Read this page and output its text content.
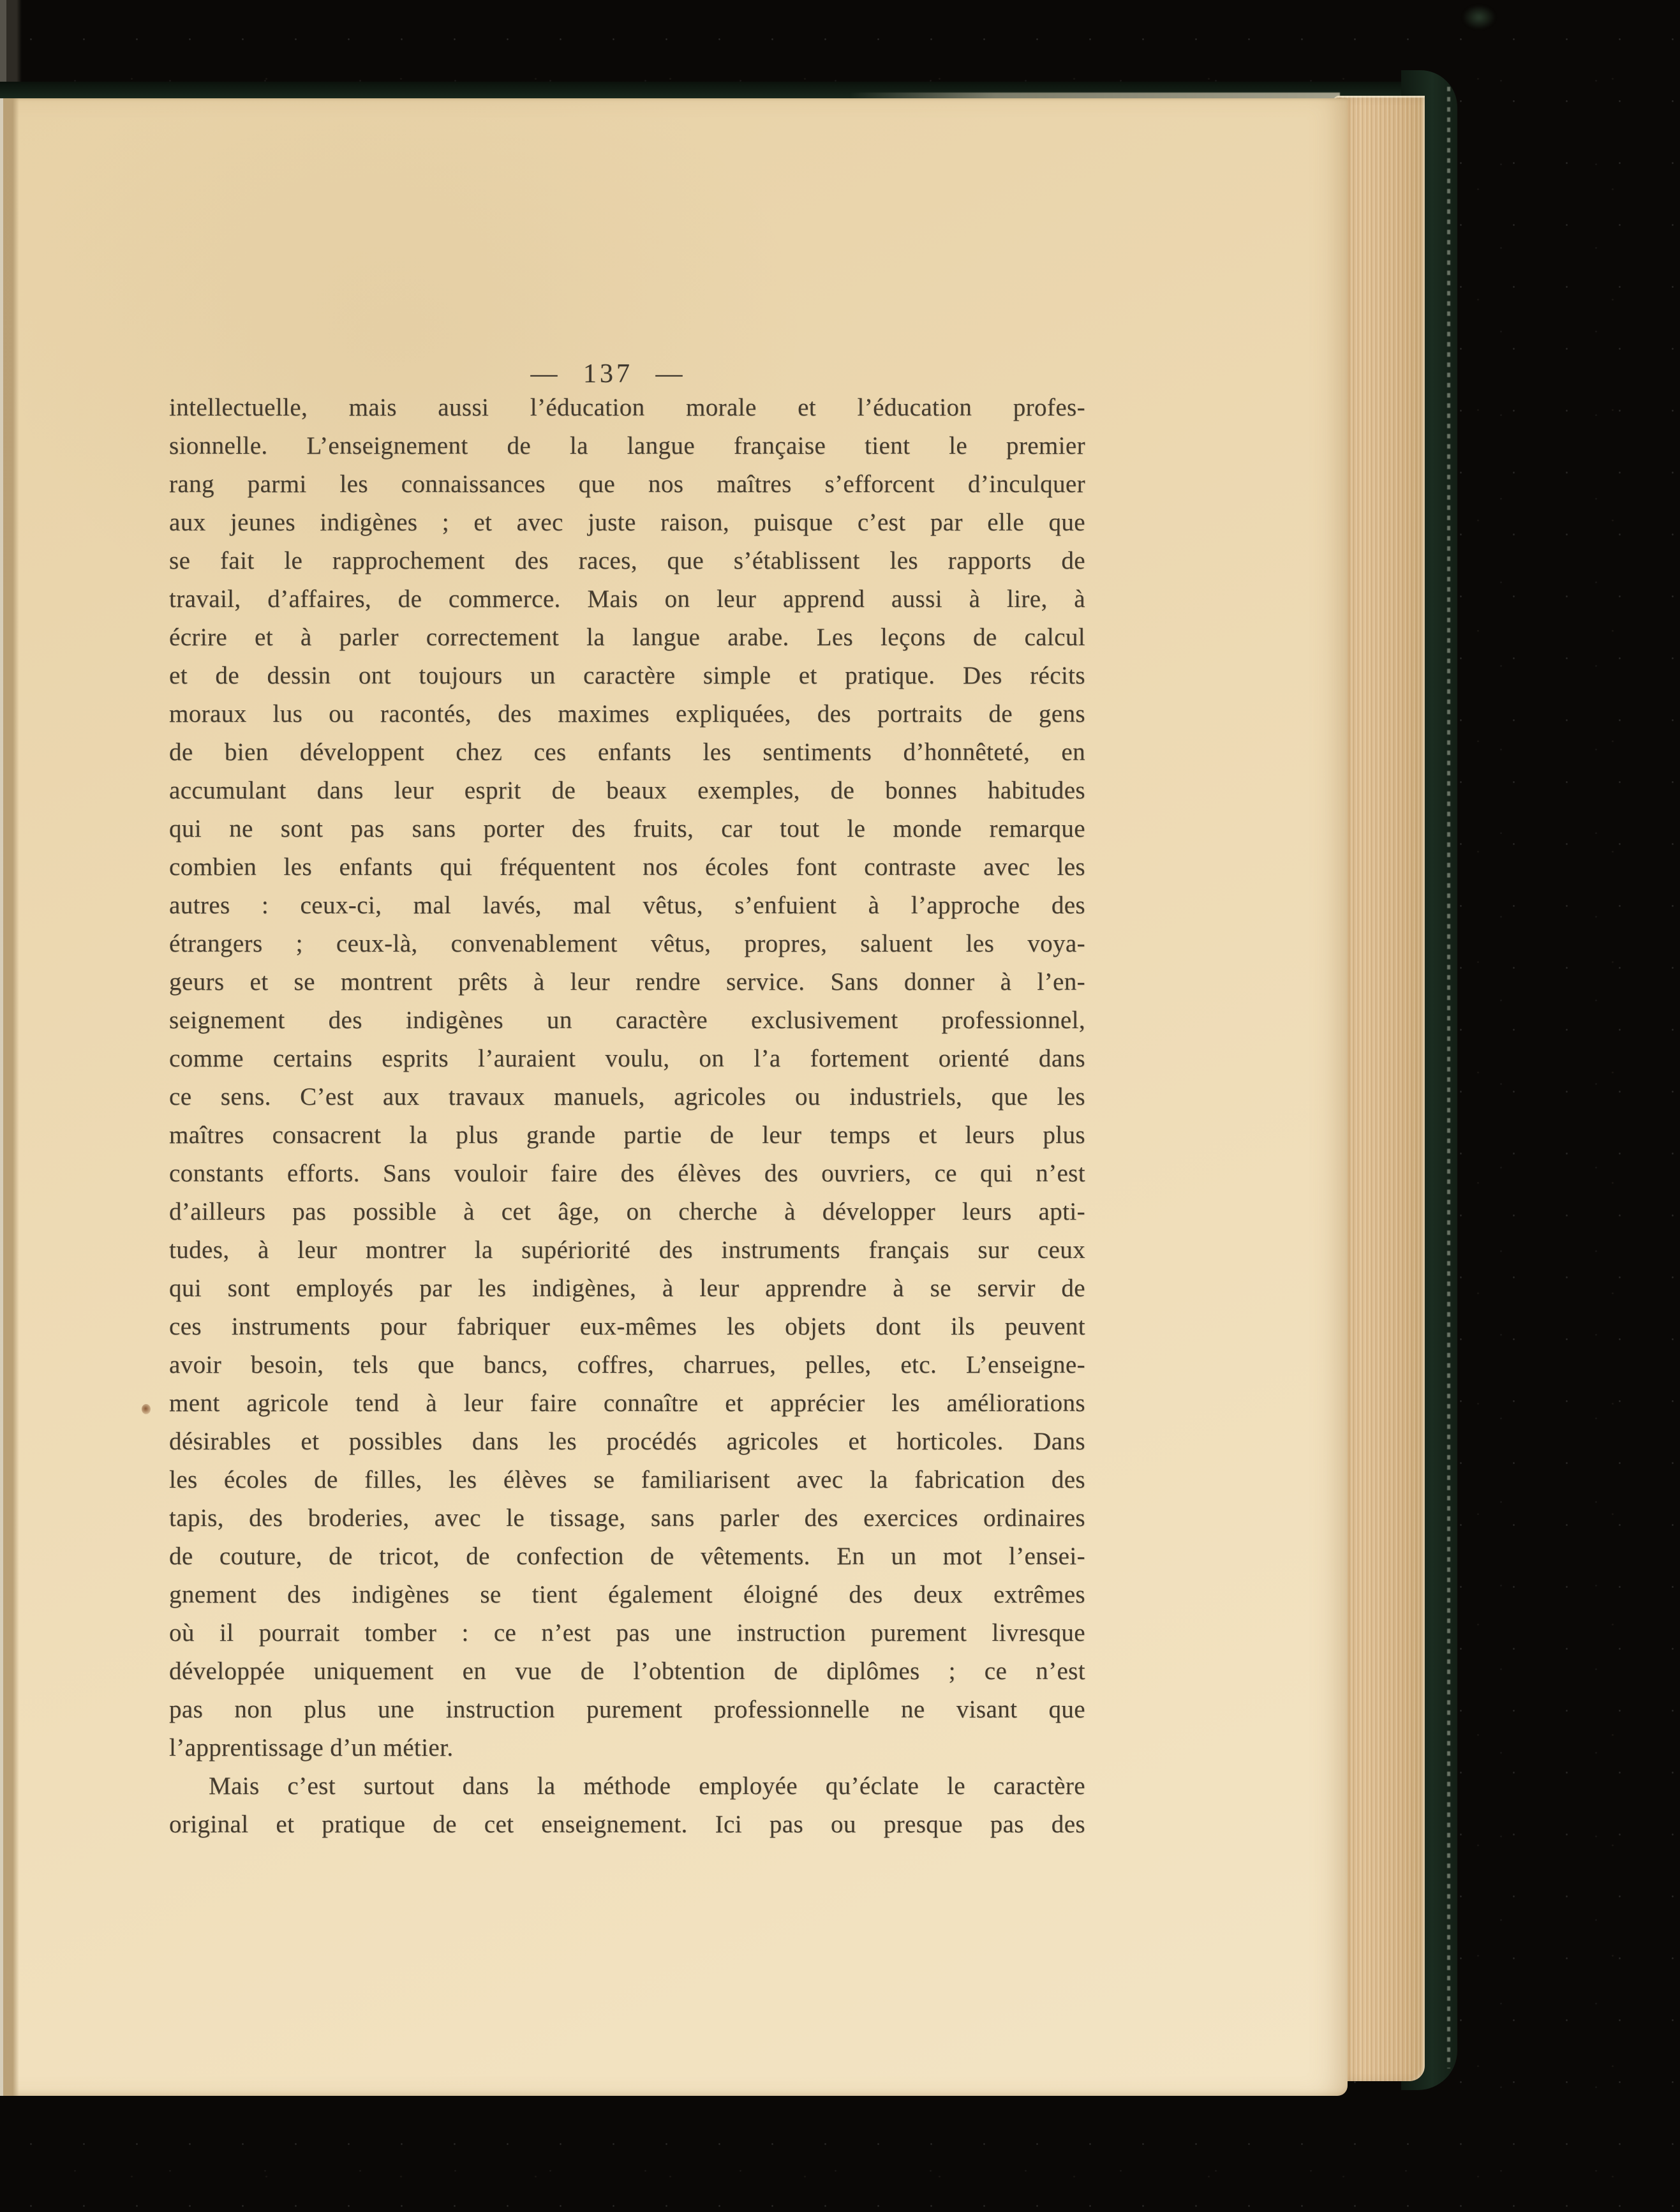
— 137 —
intellectuelle, mais aussi l’éducation morale et l’éducation profes-
sionnelle. L’enseignement de la langue française tient le premier
rang parmi les connaissances que nos maîtres s’efforcent d’inculquer
aux jeunes indigènes ; et avec juste raison, puisque c’est par elle que
se fait le rapprochement des races, que s’établissent les rapports de
travail, d’affaires, de commerce. Mais on leur apprend aussi à lire, à
écrire et à parler correctement la langue arabe. Les leçons de calcul
et de dessin ont toujours un caractère simple et pratique. Des récits
moraux lus ou racontés, des maximes expliquées, des portraits de gens
de bien développent chez ces enfants les sentiments d’honnêteté, en
accumulant dans leur esprit de beaux exemples, de bonnes habitudes
qui ne sont pas sans porter des fruits, car tout le monde remarque
combien les enfants qui fréquentent nos écoles font contraste avec les
autres : ceux-ci, mal lavés, mal vêtus, s’enfuient à l’approche des
étrangers ; ceux-là, convenablement vêtus, propres, saluent les voya-
geurs et se montrent prêts à leur rendre service. Sans donner à l’en-
seignement des indigènes un caractère exclusivement professionnel,
comme certains esprits l’auraient voulu, on l’a fortement orienté dans
ce sens. C’est aux travaux manuels, agricoles ou industriels, que les
maîtres consacrent la plus grande partie de leur temps et leurs plus
constants efforts. Sans vouloir faire des élèves des ouvriers, ce qui n’est
d’ailleurs pas possible à cet âge, on cherche à développer leurs apti-
tudes, à leur montrer la supériorité des instruments français sur ceux
qui sont employés par les indigènes, à leur apprendre à se servir de
ces instruments pour fabriquer eux-mêmes les objets dont ils peuvent
avoir besoin, tels que bancs, coffres, charrues, pelles, etc. L’enseigne-
ment agricole tend à leur faire connaître et apprécier les améliorations
désirables et possibles dans les procédés agricoles et horticoles. Dans
les écoles de filles, les élèves se familiarisent avec la fabrication des
tapis, des broderies, avec le tissage, sans parler des exercices ordinaires
de couture, de tricot, de confection de vêtements. En un mot l’ensei-
gnement des indigènes se tient également éloigné des deux extrêmes
où il pourrait tomber : ce n’est pas une instruction purement livresque
développée uniquement en vue de l’obtention de diplômes ; ce n’est
pas non plus une instruction purement professionnelle ne visant que
l’apprentissage d’un métier.
Mais c’est surtout dans la méthode employée qu’éclate le caractère
original et pratique de cet enseignement. Ici pas ou presque pas des
